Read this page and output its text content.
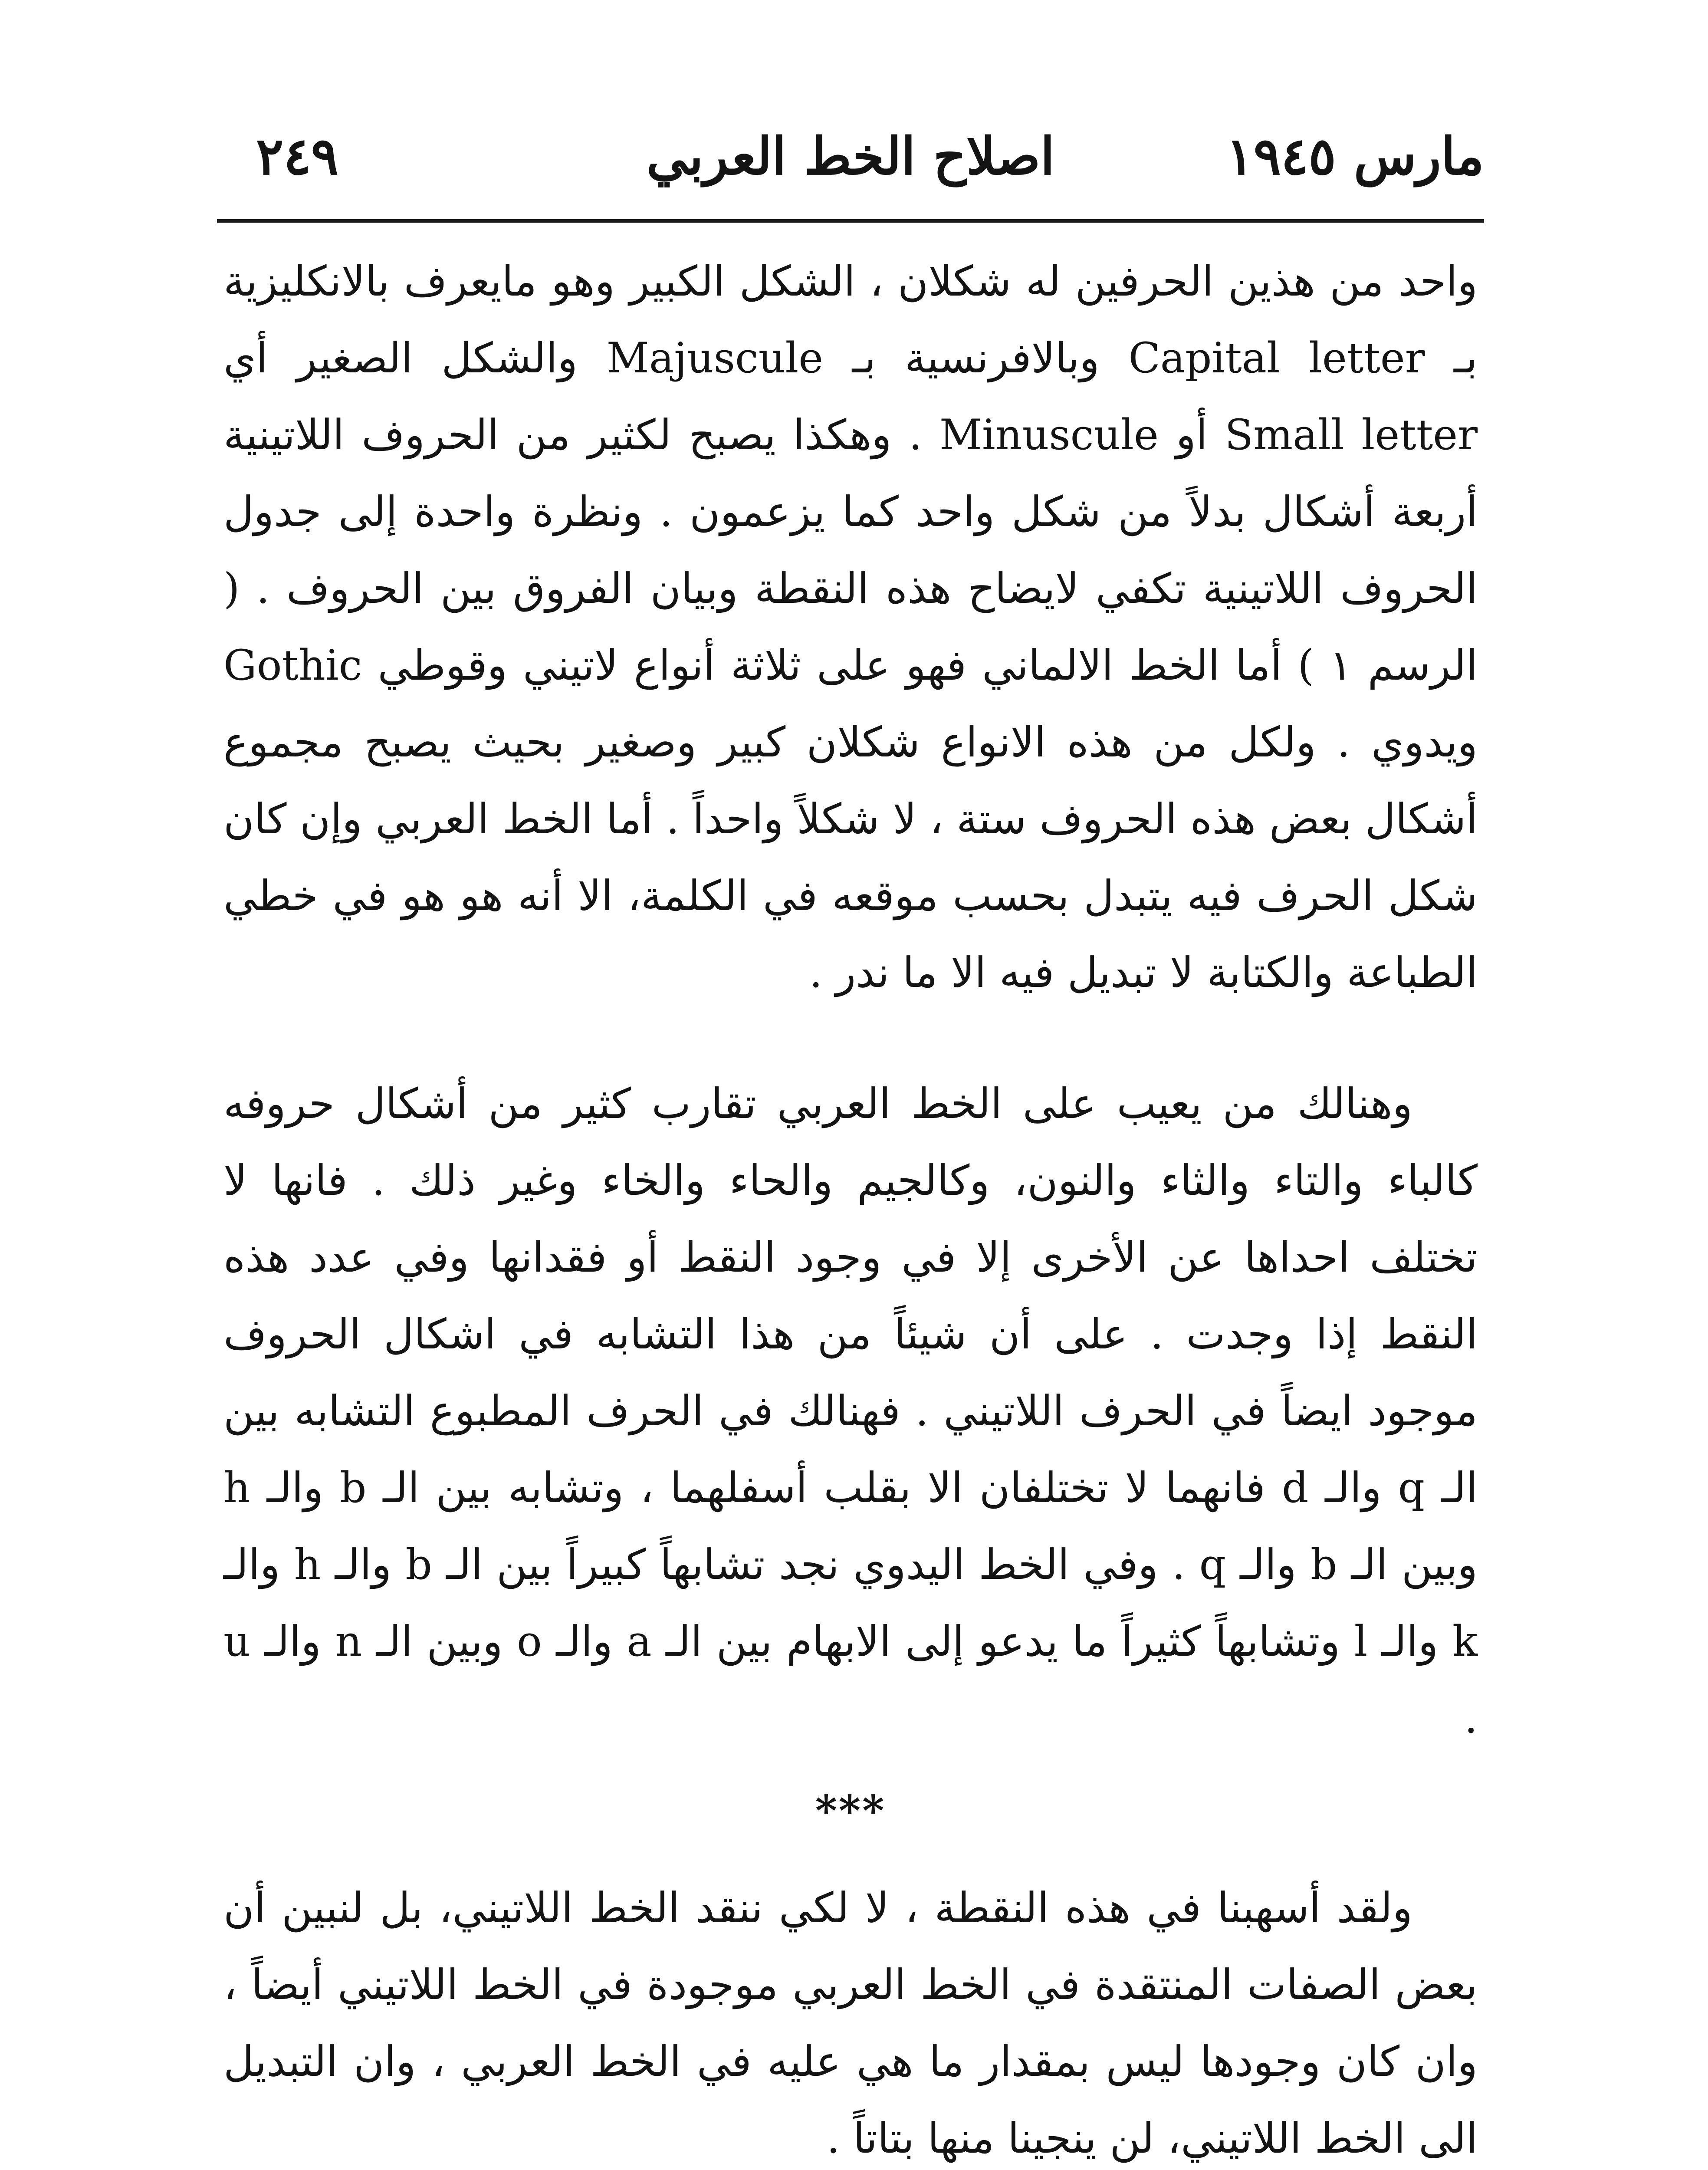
٢٤٩	اصلاح الخط العربي	مارس ١٩٤٥

واحد من هذين الحرفين له شكلان ، الشكل الكبير وهو مايعرف بالانكليزية بـ Capital letter وبالافرنسية بـ Majuscule والشكل الصغير أي Small letter أو Minuscule . وهكذا يصبح لكثير من الحروف اللاتينية أربعة أشكال بدلاً من شكل واحد كما يزعمون . ونظرة واحدة إلى جدول الحروف اللاتينية تكفي لايضاح هذه النقطة وبيان الفروق بين الحروف . ( الرسم ١ ) أما الخط الالماني فهو على ثلاثة أنواع لاتيني وقوطي Gothic ويدوي . ولكل من هذه الانواع شكلان كبير وصغير بحيث يصبح مجموع أشكال بعض هذه الحروف ستة ، لا شكلاً واحداً . أما الخط العربي وإن كان شكل الحرف فيه يتبدل بحسب موقعه في الكلمة، الا أنه هو هو في خطي الطباعة والكتابة لا تبديل فيه الا ما ندر .

وهنالك من يعيب على الخط العربي تقارب كثير من أشكال حروفه كالباء والتاء والثاء والنون، وكالجيم والحاء والخاء وغير ذلك . فانها لا تختلف احداها عن الأخرى إلا في وجود النقط أو فقدانها وفي عدد هذه النقط إذا وجدت . على أن شيئاً من هذا التشابه في اشكال الحروف موجود ايضاً في الحرف اللاتيني . فهنالك في الحرف المطبوع التشابه بين الـ q والـ d فانهما لا تختلفان الا بقلب أسفلهما ، وتشابه بين الـ b والـ h وبين الـ b والـ q . وفي الخط اليدوي نجد تشابهاً كبيراً بين الـ b والـ h والـ k والـ l وتشابهاً كثيراً ما يدعو إلى الابهام بين الـ a والـ o وبين الـ n والـ u .

***

ولقد أسهبنا في هذه النقطة ، لا لكي ننقد الخط اللاتيني، بل لنبين أن بعض الصفات المنتقدة في الخط العربي موجودة في الخط اللاتيني أيضاً ، وان كان وجودها ليس بمقدار ما هي عليه في الخط العربي ، وان التبديل الى الخط اللاتيني، لن ينجينا منها بتاتاً .
